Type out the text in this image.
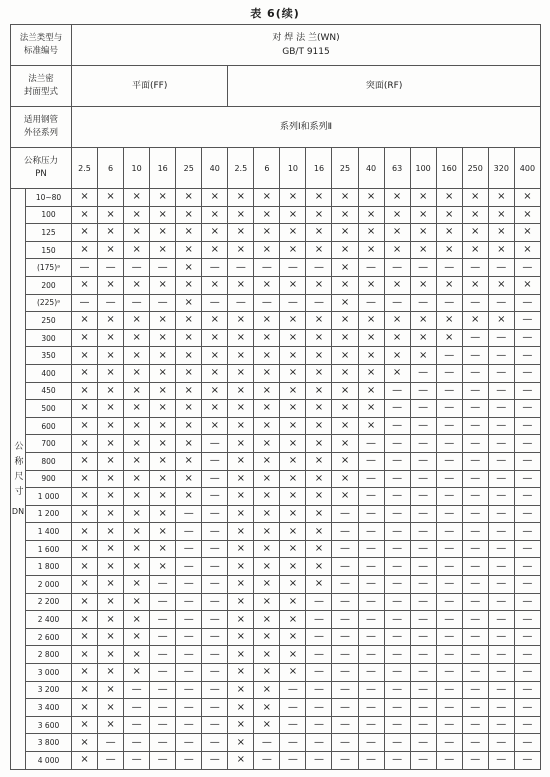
表 6(续)
法兰类型与
标准编号		对 焊 法 兰(WN)
GB/T 9115																	

法兰密
封面型式		平面(FF)						突面(RF)											
适用钢管
外径系列		系列Ⅰ和系列Ⅱ																	
公称压力
PN		2.5	6	10	16	25	40	2.5	6	10	16	25	40	63	100	160	250	320	400
公称尺寸
DN	10~80	×	×	×	×	×	×	×	×	×	×	×	×	×	×	×	×	×	×
	100	×	×	×	×	×	×	×	×	×	×	×	×	×	×	×	×	×	×
	125	×	×	×	×	×	×	×	×	×	×	×	×	×	×	×	×	×	×
	150	×	×	×	×	×	×	×	×	×	×	×	×	×	×	×	×	×	×
	(175)ᵃ	—	—	—	—	×	—	—	—	—	—	×	—	—	—	—	—	—	—
	200	×	×	×	×	×	×	×	×	×	×	×	×	×	×	×	×	×	×
	(225)ᵃ	—	—	—	—	×	—	—	—	—	—	×	—	—	—	—	—	—	—
	250	×	×	×	×	×	×	×	×	×	×	×	×	×	×	×	×	×	—
	300	×	×	×	×	×	×	×	×	×	×	×	×	×	×	×	—	—	—
	350	×	×	×	×	×	×	×	×	×	×	×	×	×	×	—	—	—	—
	400	×	×	×	×	×	×	×	×	×	×	×	×	×	—	—	—	—	—
	450	×	×	×	×	×	×	×	×	×	×	×	×	—	—	—	—	—	—
	500	×	×	×	×	×	×	×	×	×	×	×	×	—	—	—	—	—	—
	600	×	×	×	×	×	×	×	×	×	×	×	×	—	—	—	—	—	—
	700	×	×	×	×	×	—	×	×	×	×	×	—	—	—	—	—	—	—
	800	×	×	×	×	×	—	×	×	×	×	×	—	—	—	—	—	—	—
	900	×	×	×	×	×	—	×	×	×	×	×	—	—	—	—	—	—	—
	1 000	×	×	×	×	×	—	×	×	×	×	×	—	—	—	—	—	—	—
	1 200	×	×	×	×	—	—	×	×	×	×	—	—	—	—	—	—	—	—
	1 400	×	×	×	×	—	—	×	×	×	×	—	—	—	—	—	—	—	—
	1 600	×	×	×	×	—	—	×	×	×	×	—	—	—	—	—	—	—	—
	1 800	×	×	×	×	—	—	×	×	×	×	—	—	—	—	—	—	—	—
	2 000	×	×	×	—	—	—	×	×	×	×	—	—	—	—	—	—	—	—
	2 200	×	×	×	—	—	—	×	×	×	—	—	—	—	—	—	—	—	—
	2 400	×	×	×	—	—	—	×	×	×	—	—	—	—	—	—	—	—	—
	2 600	×	×	×	—	—	—	×	×	×	—	—	—	—	—	—	—	—	—
	2 800	×	×	×	—	—	—	×	×	×	—	—	—	—	—	—	—	—	—
	3 000	×	×	×	—	—	—	×	×	×	—	—	—	—	—	—	—	—	—
	3 200	×	×	—	—	—	—	×	×	—	—	—	—	—	—	—	—	—	—
	3 400	×	×	—	—	—	—	×	×	—	—	—	—	—	—	—	—	—	—
	3 600	×	×	—	—	—	—	×	×	—	—	—	—	—	—	—	—	—	—
	3 800	×	—	—	—	—	—	×	—	—	—	—	—	—	—	—	—	—	—
	4 000	×	—	—	—	—	—	×	—	—	—	—	—	—	—	—	—	—	—
